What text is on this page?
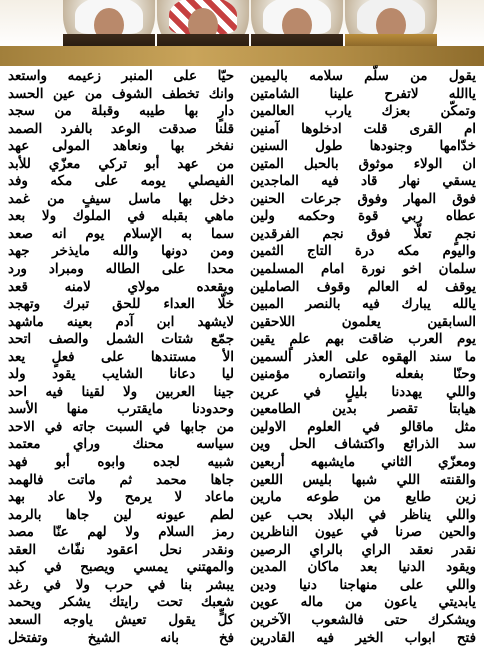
حيّا على المنبر زعيمه واستعد
وانك تخطف الشوف من عين الحسد
دارٍ بها طيبه وقبلة من سجد
قلنا صدقت الوعد بالفرد الصمد
نفخر بها ونعاهد المولى عهد
من عهد أبو تركي معزّي للأبد
الفيصلي يومه على مكه وفد
دخل بها ماسل سيفٍ من غمد
ماهي بقبله في الملوك ولا بعد
سما به الإسلام يوم انه صعد
ومن دونها والله مايذخر جهد
محدا على الطاله ومبراد ورد
ويقعده مولاي لامنه قعد
خلّا العداء للحق تبرك وتهجد
لايشهد ابن آدم بعينه ماشهد
جمّع شتات الشمل والصف اتحد
الأ مستندها على فعلٍ يعد
ليا دعانا الشايب يقود ولد
جينا العربين ولا لقينا فيه احد
وحدودنا مايقترب منها الأسد
من جابها في السبت جاته في الاحد
سياسه محنك وراي معتمد
شبيه لجده وابوه أبو فهد
جاها محمد ثم ماتت فالهمد
ماعاد لا يرمح ولا عاد بهد
لطم عيونه لين جاها بالرمد
رمز السلام ولا لهم عنّا مصد
ونقدر نحل اعقود نفّاث العقد
والمهتني يمسي ويصبح في كبد
يبشر بنا في حرب ولا في رغد
شعبك تحت رايتك يشكر ويحمد
كلٍّ يقول تعيش ياوجه السعد
فخ بانه الشيخ وتفتخل
يقول من سلّم سلامه باليمين
ياالله لاتفرح علينا الشامتين
وتمكّن بعزك يارب العالمين
ام القرى قلت ادخلوها آمنين
خدّامها وجنودها طول السنين
ان الولاء موثوق بالحبل المتين
يسقي نهار قاد فيه الماجدين
فوق المهار وفوق جرعات الحنين
عطاه ربي قوة وحكمه ولين
نجمٍ تعلّا فوق نجم الفرقدين
واليوم مكه درة التاج الثمين
سلمان اخو نورة امام المسلمين
يوقف له العالم وقوف الصاملين
يالله يبارك فيه بالنصر المبين
السابقين يعلمون اللاحقين
يوم العرب ضاقت بهم علمٍ يقين
ما سند الهقوه على العذر السمين
وحنّا بفعله وانتصاره مؤمنين
واللي يهددنا بليلٍ في عرين
هيابتا تقصر بدين الطامعين
مثل ماقالو في العلوم الاولين
سد الذرائع واكتشاف الحل وين
ومعزّي الثاني مايشبهه أربعين
والقنته اللي شبها بليس اللعين
زين طايع من طوعه مارين
واللي يناظر في البلاد بحب عين
والحين صرنا في عيون الناظرين
نقدر نعقد الراي بالراي الرصين
ويقود الدنيا بعد ماكان المدين
واللي على منهاجنا دنيا ودين
يابديتي ياعون من ماله عوين
ويشكرك حتى فالشعوب الآخرين
فتح ابواب الخير فيه القادرين
